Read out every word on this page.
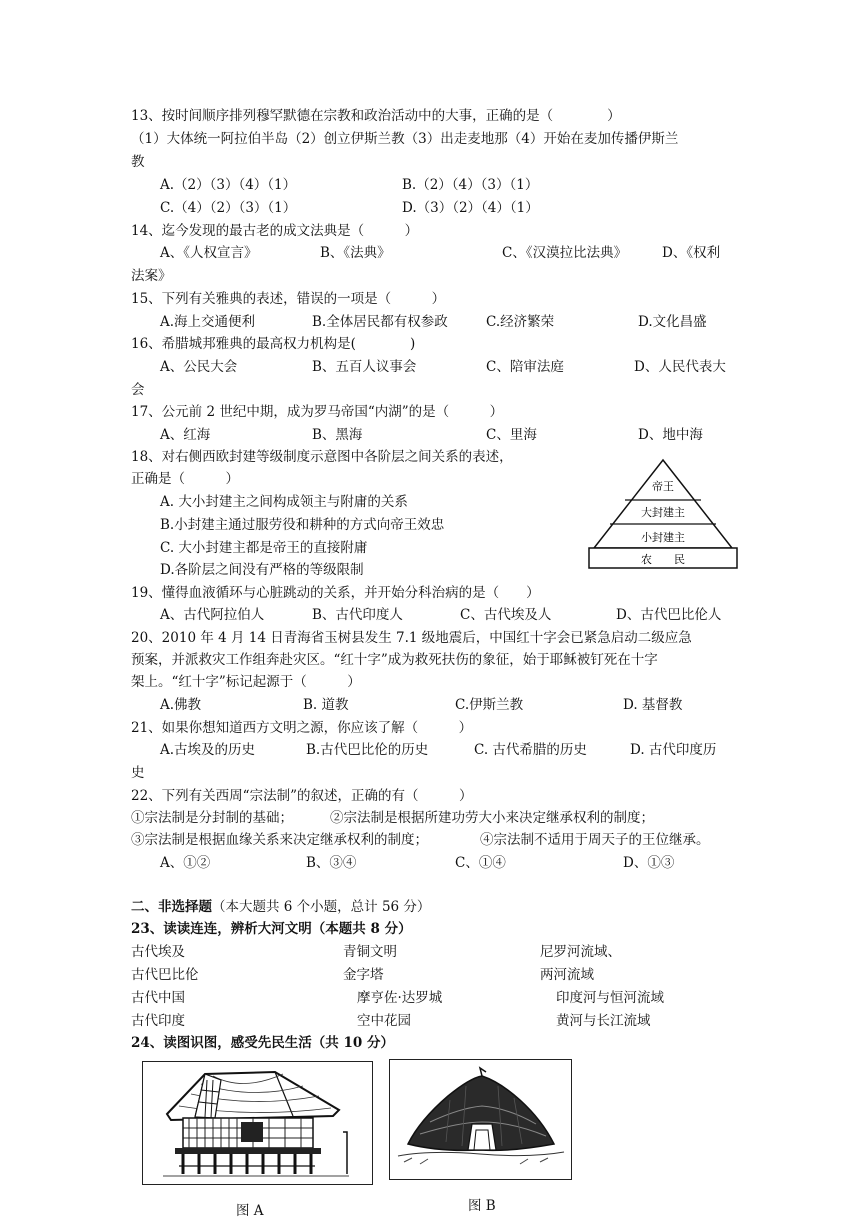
13、按时间顺序排列穆罕默德在宗教和政治活动中的大事，正确的是（　　　　）
（1）大体统一阿拉伯半岛（2）创立伊斯兰教（3）出走麦地那（4）开始在麦加传播伊斯兰
教
A.（2）（3）（4）（1）	B.（2）（4）（3）（1）
C.（4）（2）（3）（1）	D.（3）（2）（4）（1）
14、迄今发现的最古老的成文法典是（　　　）
A、《人权宣言》	B、《法典》	C、《汉漠拉比法典》	D、《权利
法案》
15、下列有关雅典的表述，错误的一项是（　　　）
A.海上交通便利	B.全体居民都有权参政	C.经济繁荣	D.文化昌盛
16、希腊城邦雅典的最高权力机构是(　　　　)
A、公民大会	B、五百人议事会	C、陪审法庭	D、人民代表大
会
17、公元前 2 世纪中期，成为罗马帝国“内湖”的是（　　　）
A、红海	B、黑海	C、里海	D、地中海
18、对右侧西欧封建等级制度示意图中各阶层之间关系的表述，
正确是（　　　）
A. 大小封建主之间构成领主与附庸的关系
B.小封建主通过服劳役和耕种的方式向帝王效忠
C. 大小封建主都是帝王的直接附庸
D.各阶层之间没有严格的等级限制
帝王
大封建主
小封建主
农　　民
19、懂得血液循环与心脏跳动的关系，并开始分科治病的是（　　）
A、古代阿拉伯人	B、古代印度人	C、古代埃及人	D、古代巴比伦人
20、2010 年 4 月 14 日青海省玉树县发生 7.1 级地震后，中国红十字会已紧急启动二级应急
预案，并派救灾工作组奔赴灾区。“红十字”成为救死扶伤的象征，始于耶稣被钉死在十字
架上。“红十字”标记起源于（　　　）
A.佛教	B. 道教	C.伊斯兰教	D. 基督教
21、如果你想知道西方文明之源，你应该了解（　　　）
A.古埃及的历史	B.古代巴比伦的历史	C. 古代希腊的历史	D. 古代印度历
史
22、下列有关西周“宗法制”的叙述，正确的有（　　　）
①宗法制是分封制的基础；	②宗法制是根据所建功劳大小来决定继承权利的制度；
③宗法制是根据血缘关系来决定继承权利的制度；	④宗法制不适用于周天子的王位继承。
A、①②	B、③④	C、①④	D、①③
二、非选择题（本大题共 6 个小题，总计 56 分）
23、读读连连，辨析大河文明（本题共 8 分）
古代埃及	青铜文明	尼罗河流域、
古代巴比伦	金字塔	两河流域
古代中国	摩亨佐·达罗城	印度河与恒河流域
古代印度	空中花园	黄河与长江流域
24、读图识图，感受先民生活（共 10 分）
图 A	图 B
